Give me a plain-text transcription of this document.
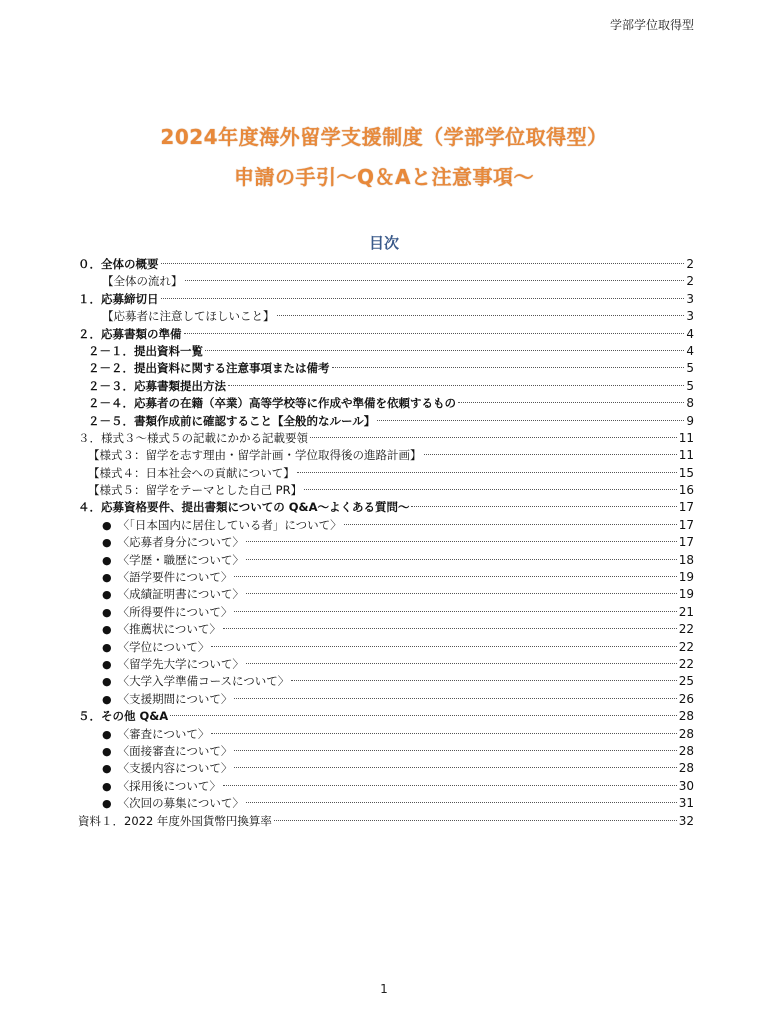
学部学位取得型
2024年度海外留学支援制度（学部学位取得型）
申請の手引～Q＆Aと注意事項～
目次
０．全体の概要	2
【全体の流れ】	2
１．応募締切日	3
【応募者に注意してほしいこと】	3
２．応募書類の準備	4
２－１．提出資料一覧	4
２－２．提出資料に関する注意事項または備考	5
２－３．応募書類提出方法	5
２－４．応募者の在籍（卒業）高等学校等に作成や準備を依頼するもの	8
２－５．書類作成前に確認すること【全般的なルール】	9
３．様式３～様式５の記載にかかる記載要領	11
【様式３：留学を志す理由・留学計画・学位取得後の進路計画】	11
【様式４：日本社会への貢献について】	15
【様式５：留学をテーマとした自己 PR】	16
４．応募資格要件、提出書類についての Q&A～よくある質問～	17
● 〈「日本国内に居住している者」について〉	17
● 〈応募者身分について〉	17
● 〈学歴・職歴について〉	18
● 〈語学要件について〉	19
● 〈成績証明書について〉	19
● 〈所得要件について〉	21
● 〈推薦状について〉	22
● 〈学位について〉	22
● 〈留学先大学について〉	22
● 〈大学入学準備コースについて〉	25
● 〈支援期間について〉	26
５．その他 Q&A	28
● 〈審査について〉	28
● 〈面接審査について〉	28
● 〈支援内容について〉	28
● 〈採用後について〉	30
● 〈次回の募集について〉	31
資料１．2022 年度外国貨幣円換算率	32
1
